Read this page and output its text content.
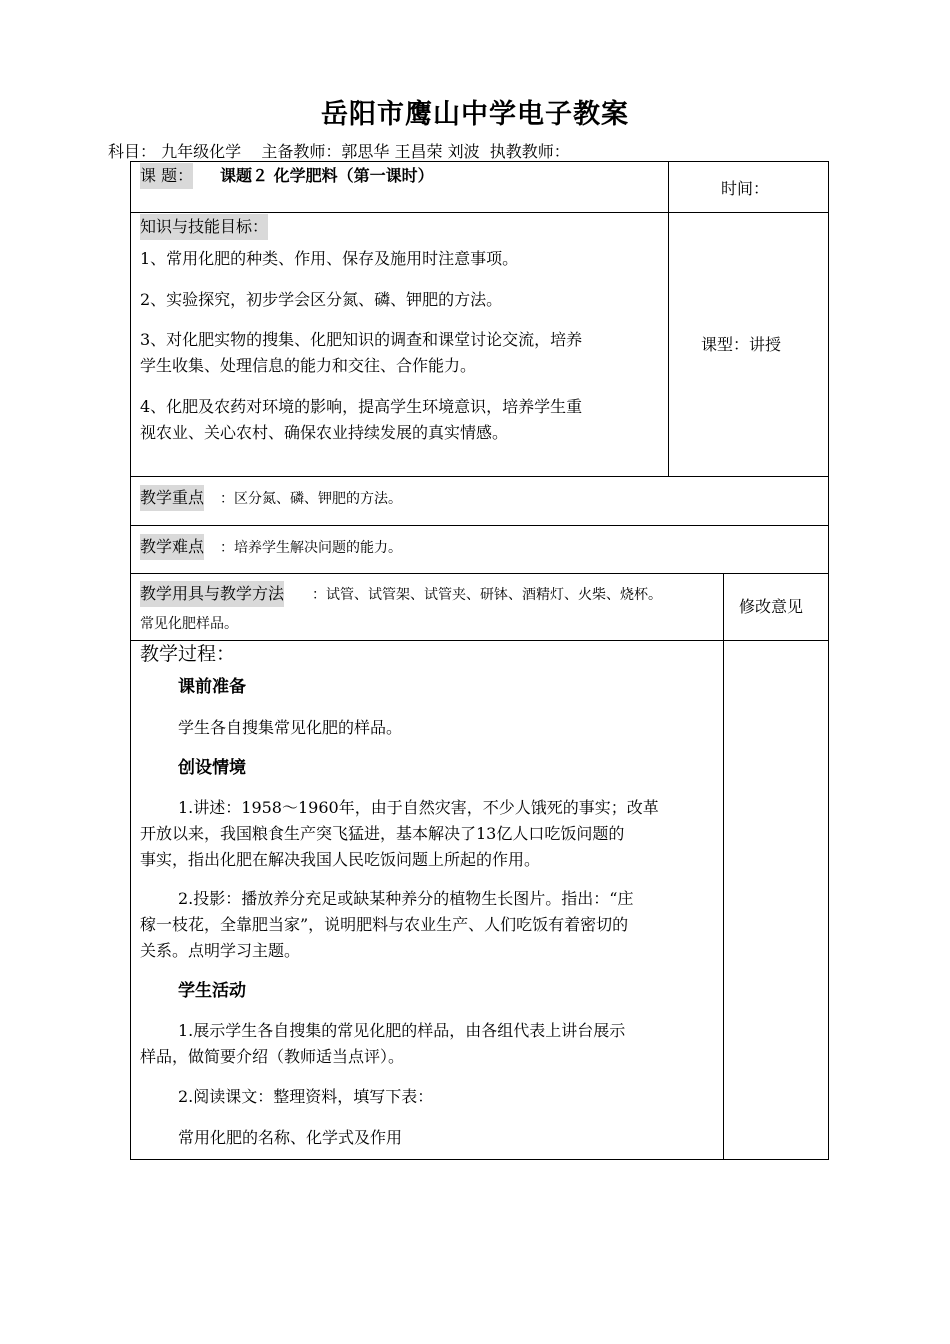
岳阳市鹰山中学电子教案
科目： 九年级化学    主备教师：郭思华 王昌荣 刘波  执教教师：
课 题： 课题２ 化学肥料（第一课时）
时间：
知识与技能目标：
1、常用化肥的种类、作用、保存及施用时注意事项。
2、实验探究，初步学会区分氮、磷、钾肥的方法。
3、对化肥实物的搜集、化肥知识的调查和课堂讨论交流，培养
学生收集、处理信息的能力和交往、合作能力。
4、化肥及农药对环境的影响，提高学生环境意识，培养学生重
视农业、关心农村、确保农业持续发展的真实情感。
课型：讲授
教学重点 ：区分氮、磷、钾肥的方法。
教学难点 ：培养学生解决问题的能力。
教学用具与教学方法 ：试管、试管架、试管夹、研钵、酒精灯、火柴、烧杯。
常见化肥样品。
修改意见
教学过程：
课前准备
学生各自搜集常见化肥的样品。
创设情境
1.讲述：1958～1960年，由于自然灾害，不少人饿死的事实；改革
开放以来，我国粮食生产突飞猛进，基本解决了13亿人口吃饭问题的
事实，指出化肥在解决我国人民吃饭问题上所起的作用。
2.投影：播放养分充足或缺某种养分的植物生长图片。指出：“庄
稼一枝花，全靠肥当家”，说明肥料与农业生产、人们吃饭有着密切的
关系。点明学习主题。
学生活动
1.展示学生各自搜集的常见化肥的样品，由各组代表上讲台展示
样品，做简要介绍（教师适当点评）。
2.阅读课文：整理资料，填写下表：
常用化肥的名称、化学式及作用
